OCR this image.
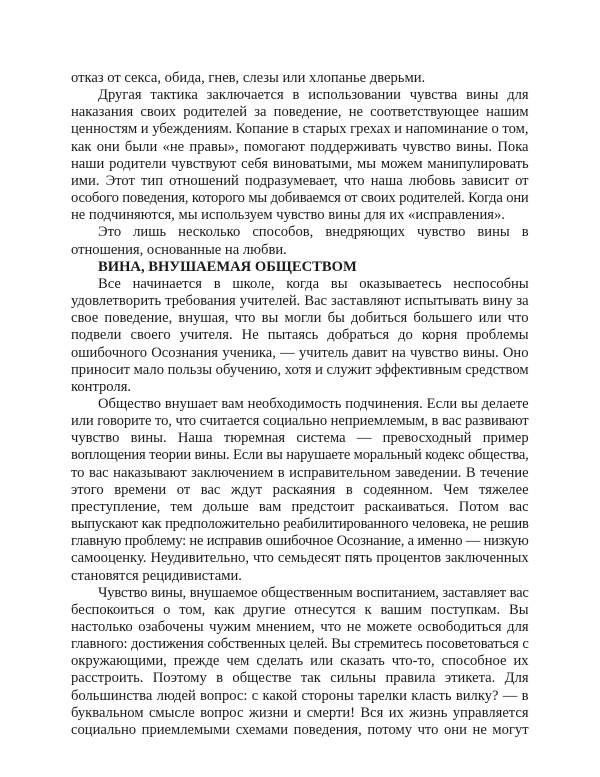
отказ от секса, обида, гнев, слезы или хлопанье дверьми.
Другая тактика заключается в использовании чувства вины для
наказания своих родителей за поведение, не соответствующее нашим
ценностям и убеждениям. Копание в старых грехах и напоминание о том,
как они были «не правы», помогают поддерживать чувство вины. Пока
наши родители чувствуют себя виноватыми, мы можем манипулировать
ими. Этот тип отношений подразумевает, что наша любовь зависит от
особого поведения, которого мы добиваемся от своих родителей. Когда они
не подчиняются, мы используем чувство вины для их «исправления».
Это лишь несколько способов, внедряющих чувство вины в
отношения, основанные на любви.
ВИНА, ВНУШАЕМАЯ ОБЩЕСТВОМ
Все начинается в школе, когда вы оказываетесь неспособны
удовлетворить требования учителей. Вас заставляют испытывать вину за
свое поведение, внушая, что вы могли бы добиться большего или что
подвели своего учителя. Не пытаясь добраться до корня проблемы
ошибочного Осознания ученика, — учитель давит на чувство вины. Оно
приносит мало пользы обучению, хотя и служит эффективным средством
контроля.
Общество внушает вам необходимость подчинения. Если вы делаете
или говорите то, что считается социально неприемлемым, в вас развивают
чувство вины. Наша тюремная система — превосходный пример
воплощения теории вины. Если вы нарушаете моральный кодекс общества,
то вас наказывают заключением в исправительном заведении. В течение
этого времени от вас ждут раскаяния в содеянном. Чем тяжелее
преступление, тем дольше вам предстоит раскаиваться. Потом вас
выпускают как предположительно реабилитированного человека, не решив
главную проблему: не исправив ошибочное Осознание, а именно — низкую
самооценку. Неудивительно, что семьдесят пять процентов заключенных
становятся рецидивистами.
Чувство вины, внушаемое общественным воспитанием, заставляет вас
беспокоиться о том, как другие отнесутся к вашим поступкам. Вы
настолько озабочены чужим мнением, что не можете освободиться для
главного: достижения собственных целей. Вы стремитесь посоветоваться с
окружающими, прежде чем сделать или сказать что-то, способное их
расстроить. Поэтому в обществе так сильны правила этикета. Для
большинства людей вопрос: с какой стороны тарелки класть вилку? — в
буквальном смысле вопрос жизни и смерти! Вся их жизнь управляется
социально приемлемыми схемами поведения, потому что они не могут
